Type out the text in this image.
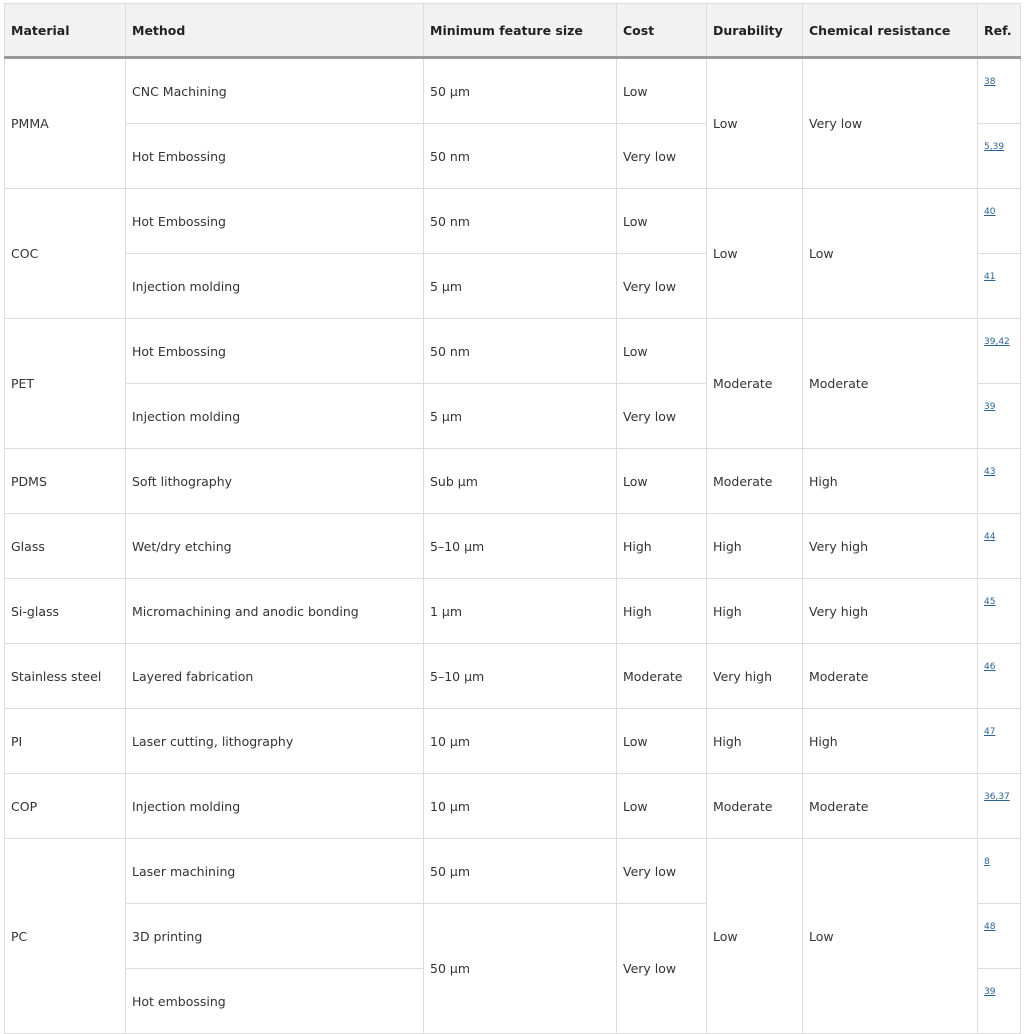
Material	Method	Minimum feature size	Cost	Durability	Chemical resistance	Ref.
PMMA	CNC Machining	50 µm	Low	Low	Very low	38
	Hot Embossing	50 nm	Very low			5,39
COC	Hot Embossing	50 nm	Low	Low	Low	40
	Injection molding	5 µm	Very low			41
PET	Hot Embossing	50 nm	Low	Moderate	Moderate	39,42
	Injection molding	5 µm	Very low			39
PDMS	Soft lithography	Sub µm	Low	Moderate	High	43
Glass	Wet/dry etching	5–10 µm	High	High	Very high	44
Si-glass	Micromachining and anodic bonding	1 µm	High	High	Very high	45
Stainless steel	Layered fabrication	5–10 µm	Moderate	Very high	Moderate	46
PI	Laser cutting, lithography	10 µm	Low	High	High	47
COP	Injection molding	10 µm	Low	Moderate	Moderate	36,37
PC	Laser machining	50 µm	Very low	Low	Low	8
	3D printing	50 µm	Very low			48
	Hot embossing					39
